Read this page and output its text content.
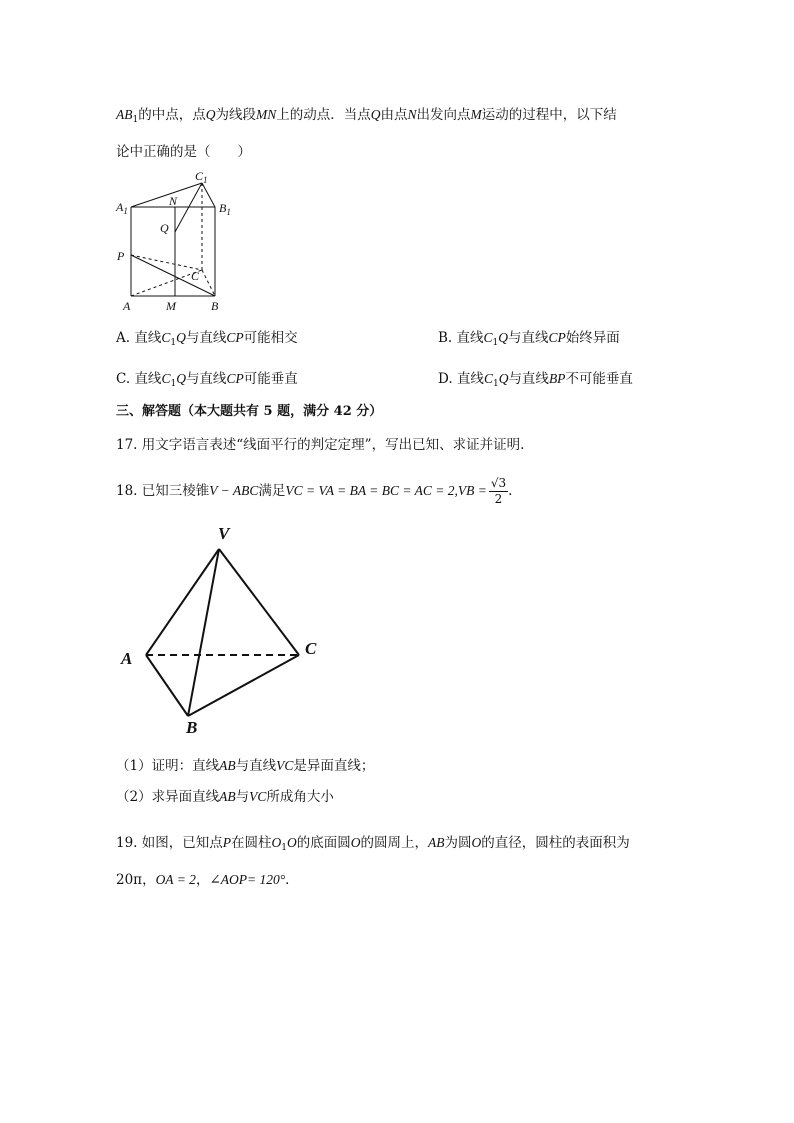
$AB_1$的中点，点Q为线段MN上的动点．当点Q由点N出发向点M运动的过程中，以下结
论中正确的是（　　）
$C_1$
$A_1$	$B_1$
N
Q
P
C
A	M	B
A. 直线$C_1Q$与直线CP可能相交	B. 直线$C_1Q$与直线CP始终异面
C. 直线$C_1Q$与直线CP可能垂直	D. 直线$C_1Q$与直线BP不可能垂直
三、解答题（本大题共有 5 题，满分 42 分）
17. 用文字语言表述“线面平行的判定定理”，写出已知、求证并证明.
18. 已知三棱锥V − ABC满足VC = VA = BA = BC = AC = $2,VB = \frac{√3}{2}$ .
V
A
C
B
（1）证明：直线AB与直线VC是异面直线；
（2）求异面直线AB与VC所成角大小
19. 如图，已知点P在圆柱$O_1O$的底面圆O的圆周上，AB为圆O的直径，圆柱的表面积为
20π，OA = 2，∠AOP= 120°．
